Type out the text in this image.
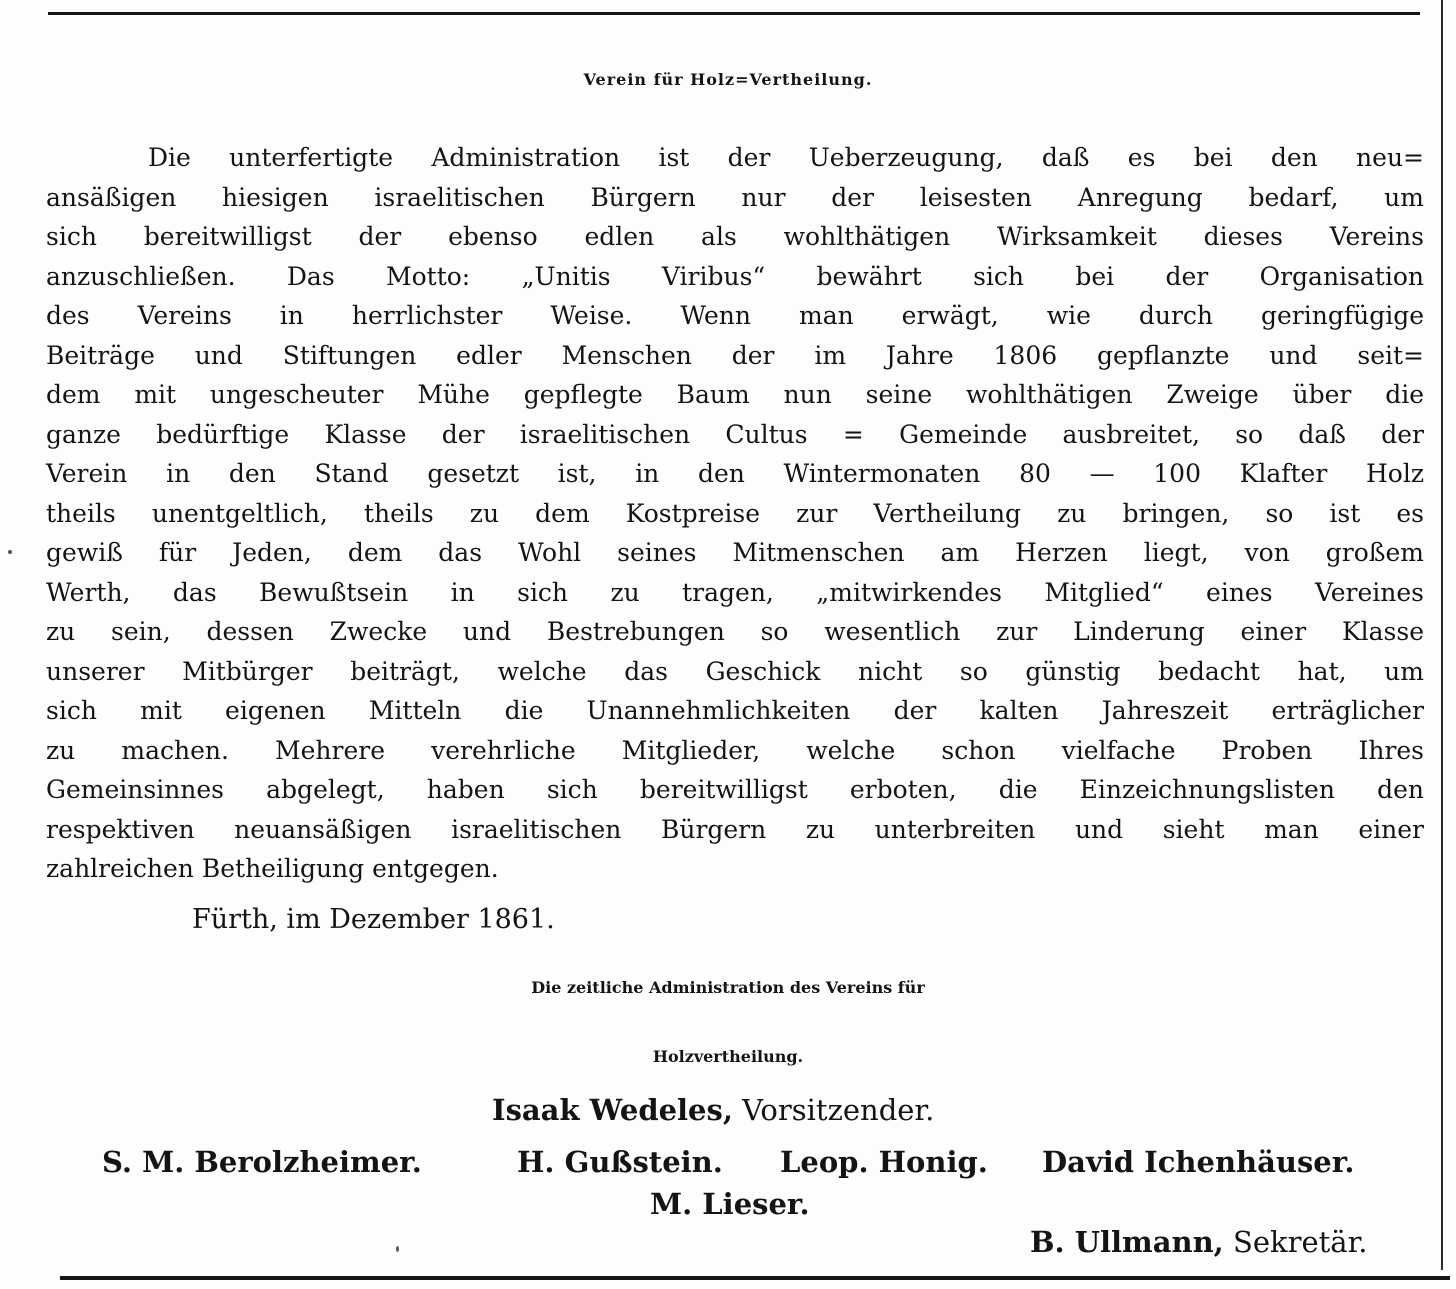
Verein für Holz=Vertheilung.
Die unterfertigte Administration ist der Ueberzeugung, daß es bei den neu=
ansäßigen hiesigen israelitischen Bürgern nur der leisesten Anregung bedarf, um
sich bereitwilligst der ebenso edlen als wohlthätigen Wirksamkeit dieses Vereins
anzuschließen. Das Motto: „Unitis Viribus“ bewährt sich bei der Organisation
des Vereins in herrlichster Weise. Wenn man erwägt, wie durch geringfügige
Beiträge und Stiftungen edler Menschen der im Jahre 1806 gepflanzte und seit=
dem mit ungescheuter Mühe gepflegte Baum nun seine wohlthätigen Zweige über die
ganze bedürftige Klasse der israelitischen Cultus = Gemeinde ausbreitet, so daß der
Verein in den Stand gesetzt ist, in den Wintermonaten 80 — 100 Klafter Holz
theils unentgeltlich, theils zu dem Kostpreise zur Vertheilung zu bringen, so ist es
gewiß für Jeden, dem das Wohl seines Mitmenschen am Herzen liegt, von großem
Werth, das Bewußtsein in sich zu tragen, „mitwirkendes Mitglied“ eines Vereines
zu sein, dessen Zwecke und Bestrebungen so wesentlich zur Linderung einer Klasse
unserer Mitbürger beiträgt, welche das Geschick nicht so günstig bedacht hat, um
sich mit eigenen Mitteln die Unannehmlichkeiten der kalten Jahreszeit erträglicher
zu machen. Mehrere verehrliche Mitglieder, welche schon vielfache Proben Ihres
Gemeinsinnes abgelegt, haben sich bereitwilligst erboten, die Einzeichnungslisten den
respektiven neuansäßigen israelitischen Bürgern zu unterbreiten und sieht man einer
zahlreichen Betheiligung entgegen.
Fürth, im Dezember 1861.
Die zeitliche Administration des Vereins für
Holzvertheilung.
Isaak Wedeles, Vorsitzender.
S. M. Berolzheimer.	H. Gußstein. Leop. Honig. David Ichenhäuser.
M. Lieser.
B. Ullmann, Sekretär.
